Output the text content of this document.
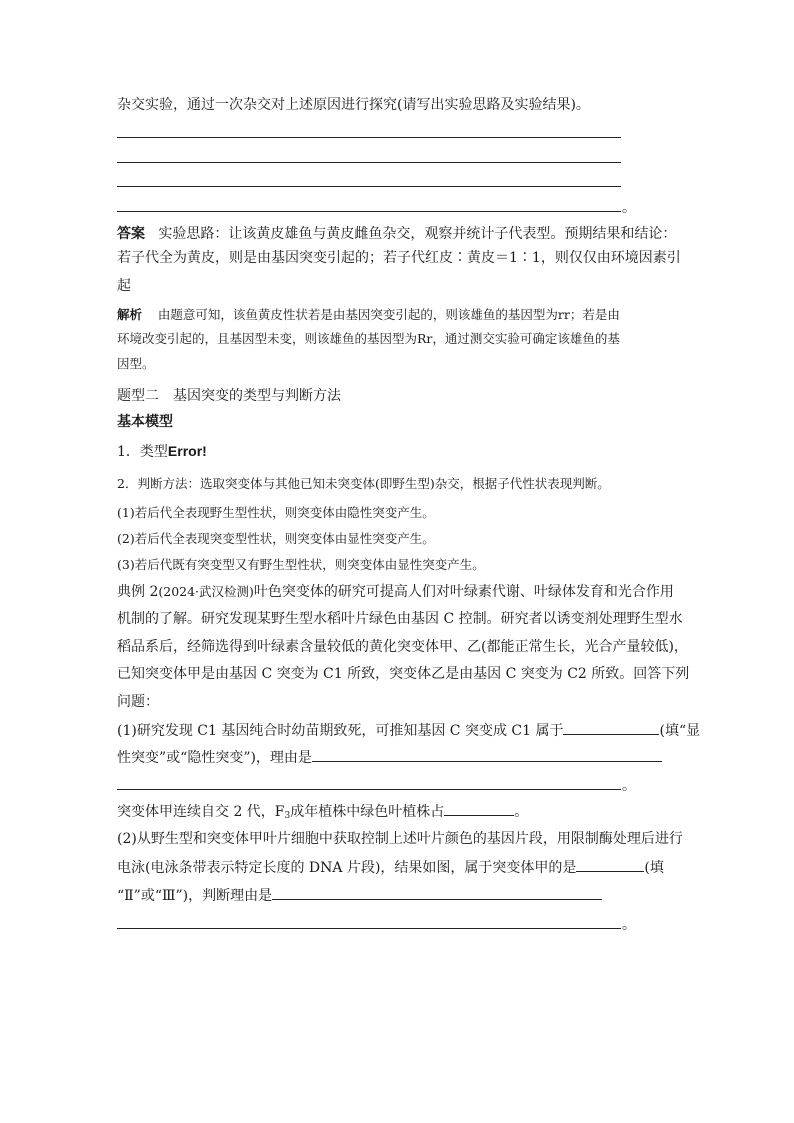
杂交实验，通过一次杂交对上述原因进行探究(请写出实验思路及实验结果)。
。
答案 实验思路：让该黄皮雄鱼与黄皮雌鱼杂交，观察并统计子代表型。预期结果和结论：
若子代全为黄皮，则是由基因突变引起的；若子代红皮∶黄皮＝1∶1，则仅仅由环境因素引
起
解析 由题意可知，该鱼黄皮性状若是由基因突变引起的，则该雄鱼的基因型为rr；若是由
环境改变引起的，且基因型未变，则该雄鱼的基因型为Rr，通过测交实验可确定该雄鱼的基
因型。
题型二　基因突变的类型与判断方法
基本模型
1．类型Error!
2．判断方法：选取突变体与其他已知未突变体(即野生型)杂交，根据子代性状表现判断。
(1)若后代全表现野生型性状，则突变体由隐性突变产生。
(2)若后代全表现突变型性状，则突变体由显性突变产生。
(3)若后代既有突变型又有野生型性状，则突变体由显性突变产生。
典例 2(2024·武汉检测)叶色突变体的研究可提高人们对叶绿素代谢、叶绿体发育和光合作用
机制的了解。研究发现某野生型水稻叶片绿色由基因 C 控制。研究者以诱变剂处理野生型水
稻品系后，经筛选得到叶绿素含量较低的黄化突变体甲、乙(都能正常生长，光合产量较低)，
已知突变体甲是由基因 C 突变为 C1 所致，突变体乙是由基因 C 突变为 C2 所致。回答下列
问题：
(1)研究发现 C1 基因纯合时幼苗期致死，可推知基因 C 突变成 C1 属于	(填“显
性突变”或“隐性突变”)，理由是
。
突变体甲连续自交 2 代，$F_3$成年植株中绿色叶植株占	。
(2)从野生型和突变体甲叶片细胞中获取控制上述叶片颜色的基因片段，用限制酶处理后进行
电泳(电泳条带表示特定长度的 DNA 片段)，结果如图，属于突变体甲的是	(填
“Ⅱ”或“Ⅲ”)，判断理由是
。
